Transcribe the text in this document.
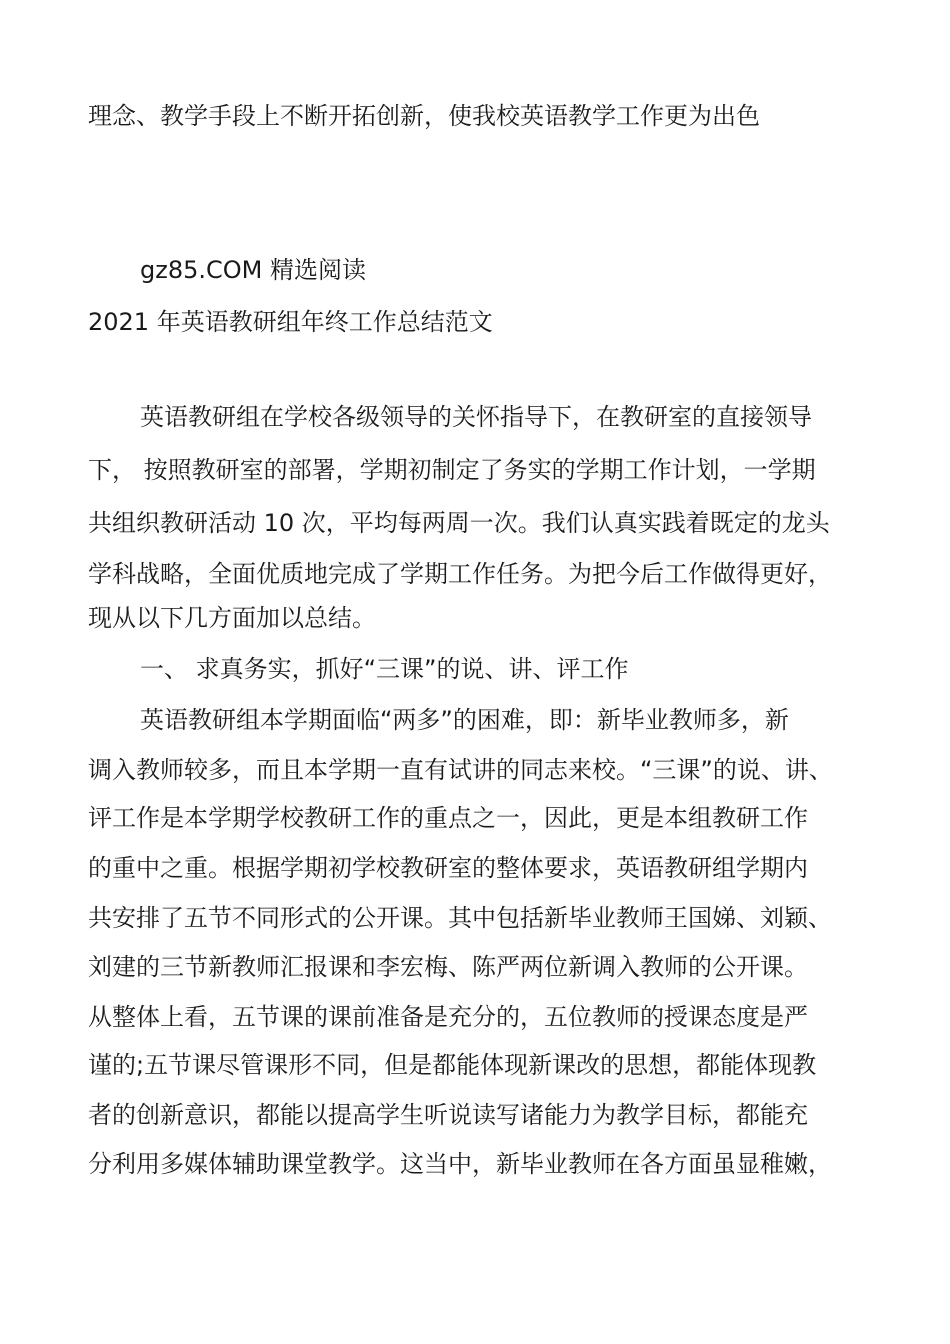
理念、教学手段上不断开拓创新，使我校英语教学工作更为出色
gz85.COM 精选阅读
2021 年英语教研组年终工作总结范文
英语教研组在学校各级领导的关怀指导下，在教研室的直接领导
下， 按照教研室的部署，学期初制定了务实的学期工作计划，一学期
共组织教研活动 10 次，平均每两周一次。我们认真实践着既定的龙头
学科战略，全面优质地完成了学期工作任务。为把今后工作做得更好，
现从以下几方面加以总结。
一、 求真务实，抓好“三课”的说、讲、评工作
英语教研组本学期面临“两多”的困难，即：新毕业教师多，新
调入教师较多，而且本学期一直有试讲的同志来校。“三课”的说、讲、
评工作是本学期学校教研工作的重点之一，因此，更是本组教研工作
的重中之重。根据学期初学校教研室的整体要求，英语教研组学期内
共安排了五节不同形式的公开课。其中包括新毕业教师王国娣、刘颖、
刘建的三节新教师汇报课和李宏梅、陈严两位新调入教师的公开课。
从整体上看，五节课的课前准备是充分的，五位教师的授课态度是严
谨的;五节课尽管课形不同，但是都能体现新课改的思想，都能体现教
者的创新意识，都能以提高学生听说读写诸能力为教学目标，都能充
分利用多媒体辅助课堂教学。这当中，新毕业教师在各方面虽显稚嫩，
